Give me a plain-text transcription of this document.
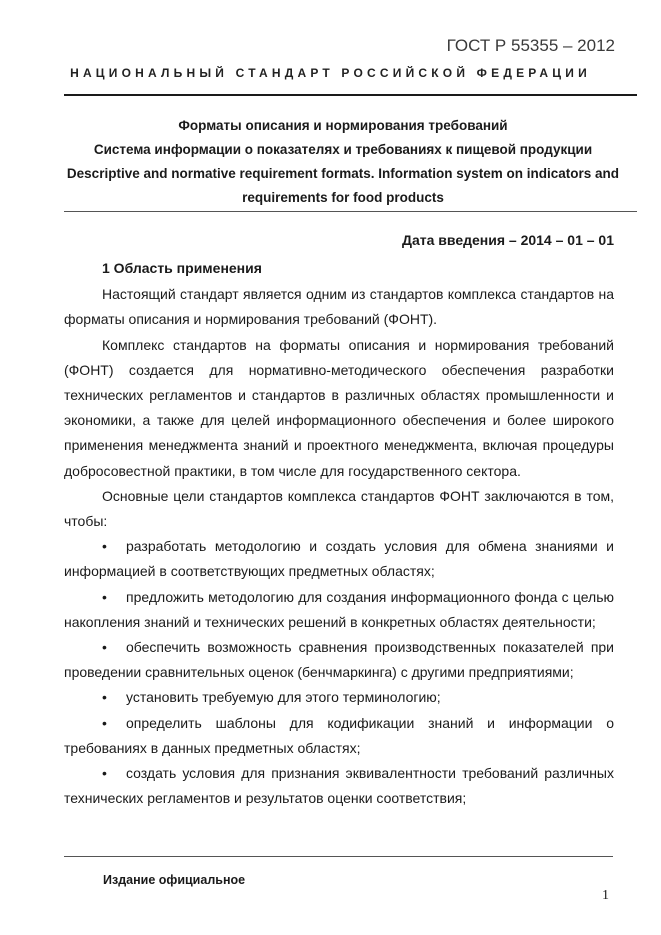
ГОСТ Р 55355 – 2012
НАЦИОНАЛЬНЫЙ СТАНДАРТ РОССИЙСКОЙ ФЕДЕРАЦИИ
Форматы описания и нормирования требований
Система информации о показателях и требованиях к пищевой продукции
Descriptive and normative requirement formats. Information system on indicators and
requirements for food products
Дата введения – 2014 – 01 – 01
1 Область применения

Настоящий стандарт является одним из стандартов комплекса стандартов на форматы описания и нормирования требований (ФОНТ).

Комплекс стандартов на форматы описания и нормирования требований (ФОНТ) создается для нормативно-методического обеспечения разработки технических регламентов и стандартов в различных областях промышленности и экономики, а также для целей информационного обеспечения и более широкого применения менеджмента знаний и проектного менеджмента, включая процедуры добросовестной практики, в том числе для государственного сектора.

Основные цели стандартов комплекса стандартов ФОНТ заключаются в том, чтобы:

• разработать методологию и создать условия для обмена знаниями и информацией в соответствующих предметных областях;
• предложить методологию для создания информационного фонда с целью накопления знаний и технических решений в конкретных областях деятельности;
• обеспечить возможность сравнения производственных показателей при проведении сравнительных оценок (бенчмаркинга) с другими предприятиями;
• установить требуемую для этого терминологию;
• определить шаблоны для кодификации знаний и информации о требованиях в данных предметных областях;
• создать условия для признания эквивалентности требований различных технических регламентов и результатов оценки соответствия;
Издание официальное
1
